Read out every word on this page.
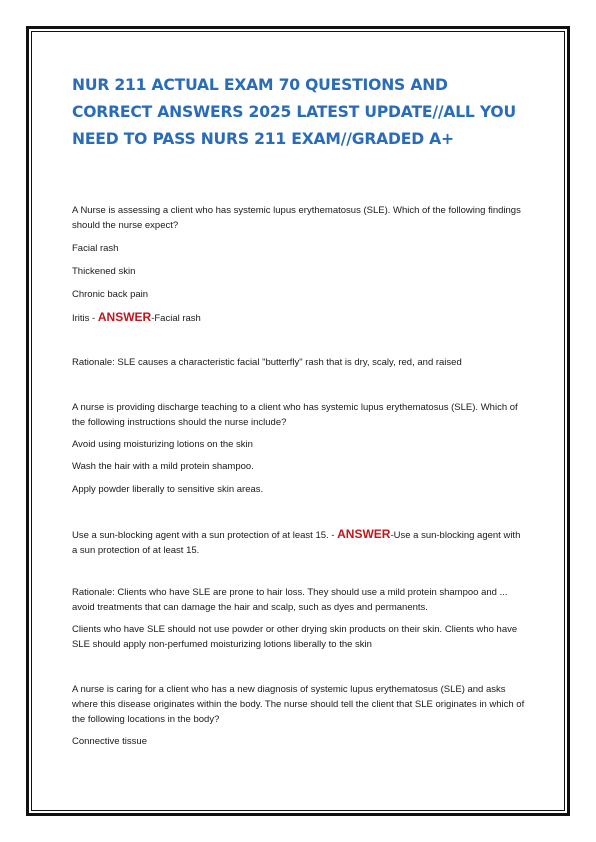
NUR 211 ACTUAL EXAM 70 QUESTIONS AND CORRECT ANSWERS 2025 LATEST UPDATE//ALL YOU NEED TO PASS NURS 211 EXAM//GRADED A+

A Nurse is assessing a client who has systemic lupus erythematosus (SLE). Which of the following findings should the nurse expect?

Facial rash

Thickened skin

Chronic back pain

Iritis - ANSWER-Facial rash

Rationale: SLE causes a characteristic facial "butterfly" rash that is dry, scaly, red, and raised

A nurse is providing discharge teaching to a client who has systemic lupus erythematosus (SLE). Which of the following instructions should the nurse include?

Avoid using moisturizing lotions on the skin

Wash the hair with a mild protein shampoo.

Apply powder liberally to sensitive skin areas.

Use a sun-blocking agent with a sun protection of at least 15. - ANSWER-Use a sun-blocking agent with a sun protection of at least 15.

Rationale: Clients who have SLE are prone to hair loss. They should use a mild protein shampoo and ... avoid treatments that can damage the hair and scalp, such as dyes and permanents.

Clients who have SLE should not use powder or other drying skin products on their skin. Clients who have SLE should apply non-perfumed moisturizing lotions liberally to the skin

A nurse is caring for a client who has a new diagnosis of systemic lupus erythematosus (SLE) and asks where this disease originates within the body. The nurse should tell the client that SLE originates in which of the following locations in the body?

Connective tissue
